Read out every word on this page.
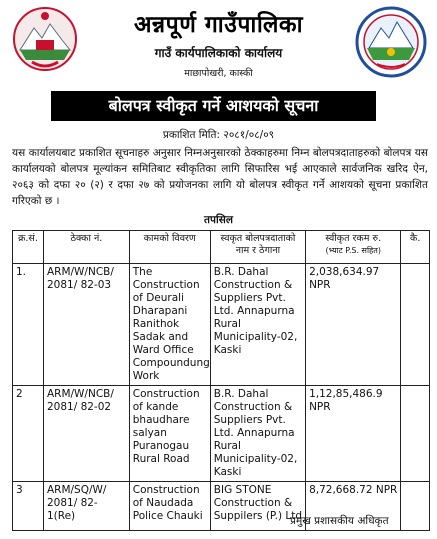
अन्नपूर्ण गाउँपालिका
गाउँ कार्यपालिकाको कार्यालय
माछापोखरी, कास्की
बोलपत्र स्वीकृत गर्ने आशयको सूचना
प्रकाशित मिति: २०८१/०८/०९
यस कार्यालयबाट प्रकाशित सूचनाहरु अनुसार निम्नअनुसारको ठेक्काहरुमा निम्न बोलपत्रदाताहरुको बोलपत्र यस कार्यालयको बोलपत्र मूल्यांकन समितिबाट स्वीकृतिका लागि सिफारिस भई आएकाले सार्वजनिक खरिद ऐन, २०६३ को दफा २० (२) र दफा २७ को प्रयोजनका लागि यो बोलपत्र स्वीकृत गर्ने आशयको सूचना प्रकाशित गरिएको छ ।
तपसिल
क्र.सं.	ठेक्का नं.	कामको विवरण	स्वकृत बोलपत्रदाताको नाम र ठेगाना	स्वीकृत रकम रु.
(भ्याट P.S. सहित)	कै.
1.	ARM/W/NCB/ 2081/ 82-03	The Construction of Deurali Dharapani Ranithok Sadak and Ward Office Compoundung Work	B.R. Dahal Construction & Suppliers Pvt. Ltd. Annapurna Rural Municipality-02, Kaski	2,038,634.97 NPR	
2	ARM/W/NCB/ 2081/ 82-02	Construction of kande bhaudhare salyan Puranogau Rural Road	B.R. Dahal Construction & Suppliers Pvt. Ltd. Annapurna Rural Municipality-02, Kaski	1,12,85,486.9 NPR	
3	ARM/SQ/W/ 2081/ 82-1(Re)	Construction of Naudada Police Chauki	BIG STONE Construction & Suppilers (P.) Ltd	8,72,668.72 NPR	
प्रमुख प्रशासकीय अधिकृत
